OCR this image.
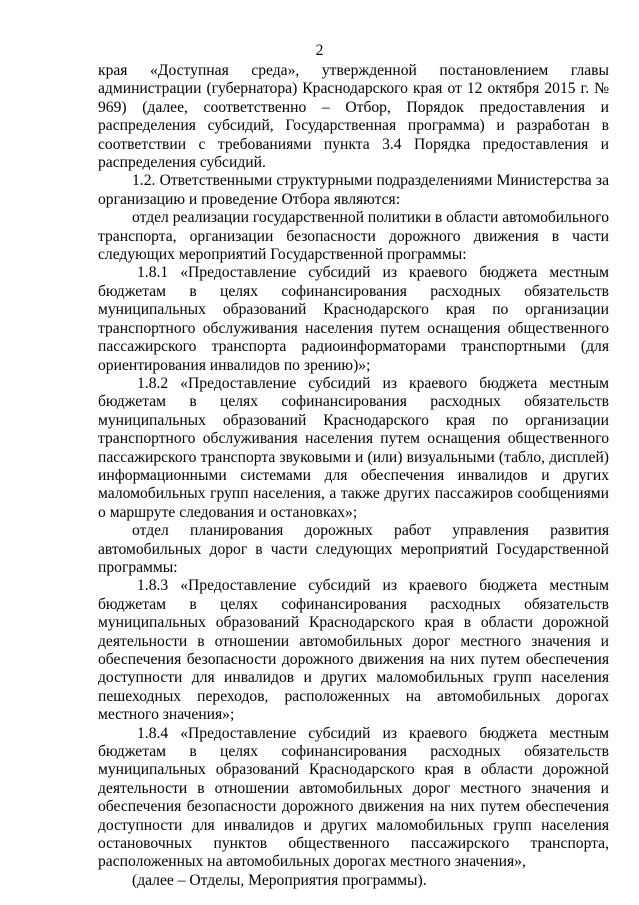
2

края «Доступная среда», утвержденной постановлением главы администрации (губернатора) Краснодарского края от 12 октября 2015 г. № 969) (далее, соответственно – Отбор, Порядок предоставления и распределения субсидий, Государственная программа) и разработан в соответствии с требованиями пункта 3.4 Порядка предоставления и распределения субсидий.

1.2. Ответственными структурными подразделениями Министерства за организацию и проведение Отбора являются:

отдел реализации государственной политики в области автомобильного транспорта, организации безопасности дорожного движения в части следующих мероприятий Государственной программы:

1.8.1 «Предоставление субсидий из краевого бюджета местным бюджетам в целях софинансирования расходных обязательств муниципальных образований Краснодарского края по организации транспортного обслуживания населения путем оснащения общественного пассажирского транспорта радиоинформаторами транспортными (для ориентирования инвалидов по зрению)»;

1.8.2 «Предоставление субсидий из краевого бюджета местным бюджетам в целях софинансирования расходных обязательств муниципальных образований Краснодарского края по организации транспортного обслуживания населения путем оснащения общественного пассажирского транспорта звуковыми и (или) визуальными (табло, дисплей) информационными системами для обеспечения инвалидов и других маломобильных групп населения, а также других пассажиров сообщениями о маршруте следования и остановках»;

отдел планирования дорожных работ управления развития автомобильных дорог в части следующих мероприятий Государственной программы:

1.8.3 «Предоставление субсидий из краевого бюджета местным бюджетам в целях софинансирования расходных обязательств муниципальных образований Краснодарского края в области дорожной деятельности в отношении автомобильных дорог местного значения и обеспечения безопасности дорожного движения на них путем обеспечения доступности для инвалидов и других маломобильных групп населения пешеходных переходов, расположенных на автомобильных дорогах местного значения»;

1.8.4 «Предоставление субсидий из краевого бюджета местным бюджетам в целях софинансирования расходных обязательств муниципальных образований Краснодарского края в области дорожной деятельности в отношении автомобильных дорог местного значения и обеспечения безопасности дорожного движения на них путем обеспечения доступности для инвалидов и других маломобильных групп населения остановочных пунктов общественного пассажирского транспорта, расположенных на автомобильных дорогах местного значения»,

(далее – Отделы, Мероприятия программы).
